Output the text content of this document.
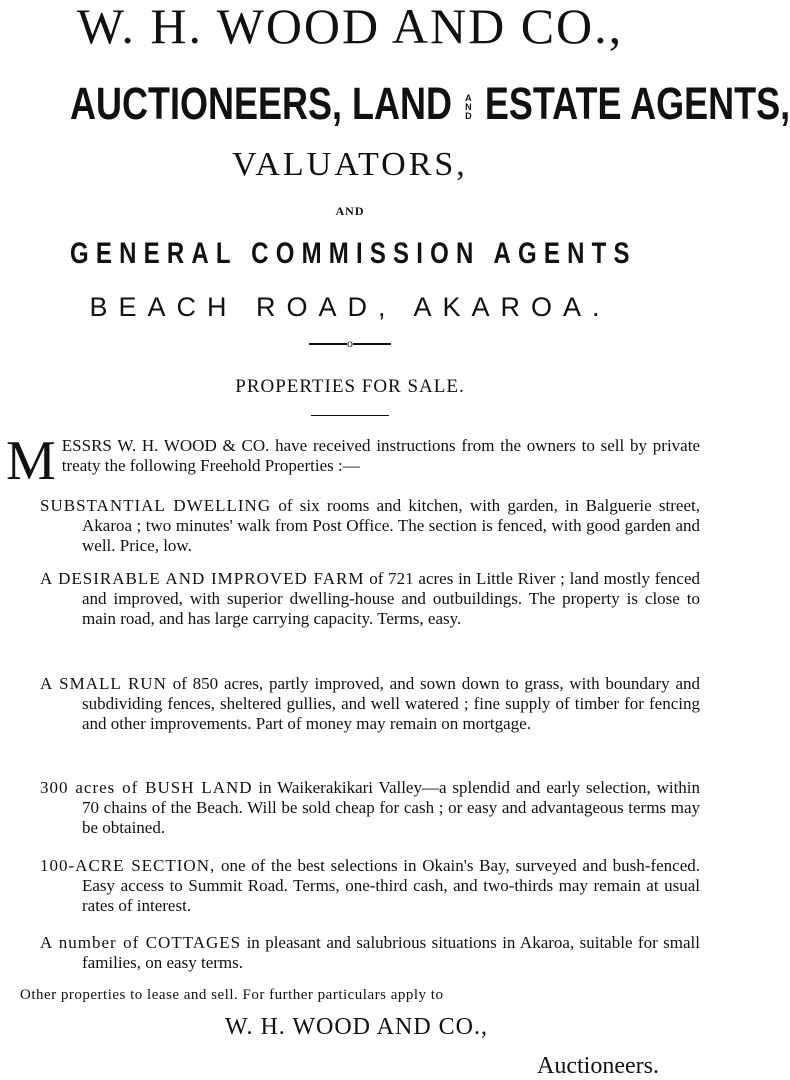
W. H. WOOD AND CO.,
AUCTIONEERS, LAND	A
N
D ESTATE AGENTS,
VALUATORS,
AND
GENERAL COMMISSION AGENTS
BEACH ROAD, AKAROA.
o
PROPERTIES FOR SALE.
M ESSRS W. H. WOOD & CO. have received instructions from the owners to sell by private treaty the following Freehold Properties :—
SUBSTANTIAL DWELLING of six rooms and kitchen, with garden, in Balguerie street, Akaroa ; two minutes' walk from Post Office. The section is fenced, with good garden and well. Price, low.
A DESIRABLE AND IMPROVED FARM of 721 acres in Little River ; land mostly fenced and improved, with superior dwelling-house and outbuildings. The property is close to main road, and has large carrying capacity. Terms, easy.
A SMALL RUN of 850 acres, partly improved, and sown down to grass, with boundary and subdividing fences, sheltered gullies, and well watered ; fine supply of timber for fencing and other improvements. Part of money may remain on mortgage.
300 acres of BUSH LAND in Waikerakikari Valley—a splendid and early selection, within 70 chains of the Beach. Will be sold cheap for cash ; or easy and advantageous terms may be obtained.
100-ACRE SECTION, one of the best selections in Okain's Bay, surveyed and bush-fenced. Easy access to Summit Road. Terms, one-third cash, and two-thirds may remain at usual rates of interest.
A number of COTTAGES in pleasant and salubrious situations in Akaroa, suitable for small families, on easy terms.
Other properties to lease and sell. For further particulars apply to
W. H. WOOD AND CO.,
Auctioneers.
